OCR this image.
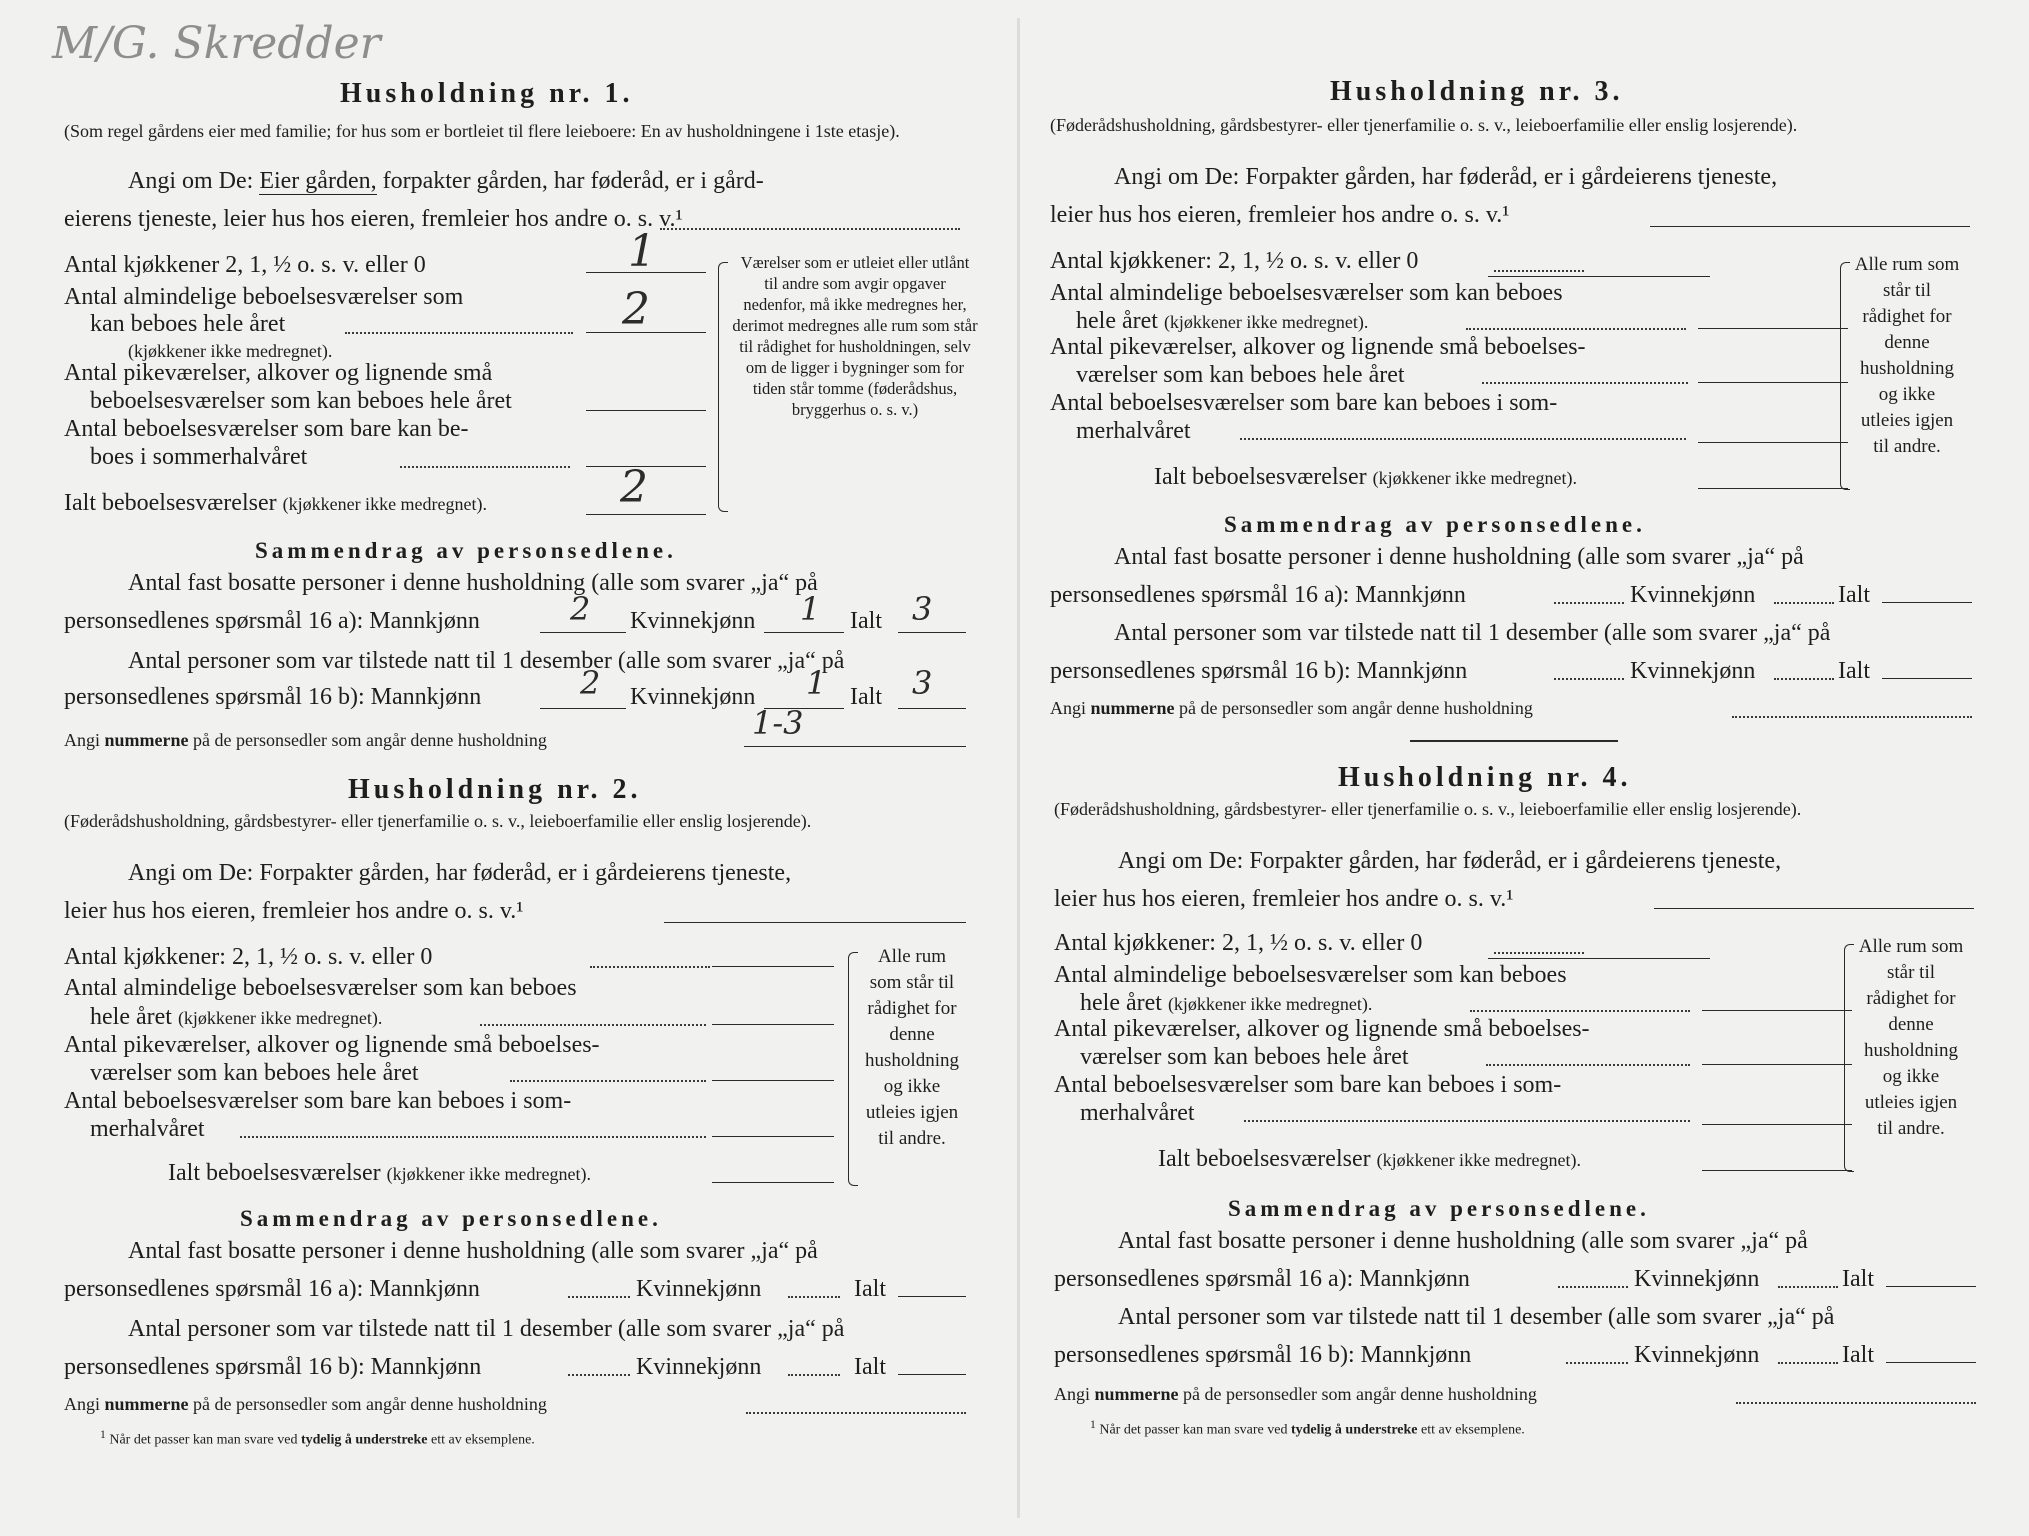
M/G. Skredder
Husholdning nr. 1.
(Som regel gårdens eier med familie; for hus som er bortleiet til flere leieboere: En av husholdningene i 1ste etasje).
Angi om De: Eier gården, forpakter gården, har føderåd, er i gård-
eierens tjeneste, leier hus hos eieren, fremleier hos andre o. s. v.¹
Antal kjøkkener 2, 1, ½ o. s. v. eller 0	1
Antal almindelige beboelsesværelser som
kan beboes hele året	2
(kjøkkener ikke medregnet).
Antal pikeværelser, alkover og lignende små
beboelsesværelser som kan beboes hele året
Antal beboelsesværelser som bare kan be-
boes i sommerhalvåret
Ialt beboelsesværelser (kjøkkener ikke medregnet).	2
Værelser som er utleiet eller utlånt til andre som avgir opgaver nedenfor, må ikke medregnes her, derimot medregnes alle rum som står til rådighet for husholdningen, selv om de ligger i bygninger som for tiden står tomme (føderådshus, bryggerhus o. s. v.)
Sammendrag av personsedlene.
Antal fast bosatte personer i denne husholdning (alle som svarer „ja“ på
personsedlenes spørsmål 16 a): Mannkjønn	2 Kvinnekjønn 1 Ialt 3
Antal personer som var tilstede natt til 1 desember (alle som svarer „ja“ på
personsedlenes spørsmål 16 b): Mannkjønn	2 Kvinnekjønn 1 Ialt 3
Angi nummerne på de personsedler som angår denne husholdning	1-3
Husholdning nr. 2.
(Føderådshusholdning, gårdsbestyrer- eller tjenerfamilie o. s. v., leieboerfamilie eller enslig losjerende).
Angi om De: Forpakter gården, har føderåd, er i gårdeierens tjeneste,
leier hus hos eieren, fremleier hos andre o. s. v.¹
Antal kjøkkener: 2, 1, ½ o. s. v. eller 0
Antal almindelige beboelsesværelser som kan beboes
hele året (kjøkkener ikke medregnet).
Antal pikeværelser, alkover og lignende små beboelses-
værelser som kan beboes hele året
Antal beboelsesværelser som bare kan beboes i som-
merhalvåret
Ialt beboelsesværelser (kjøkkener ikke medregnet).
Alle rum som står til rådighet for denne husholdning og ikke utleies igjen til andre.
Sammendrag av personsedlene.
Antal fast bosatte personer i denne husholdning (alle som svarer „ja“ på
personsedlenes spørsmål 16 a): Mannkjønn	Kvinnekjønn	Ialt
Antal personer som var tilstede natt til 1 desember (alle som svarer „ja“ på
personsedlenes spørsmål 16 b): Mannkjønn	Kvinnekjønn	Ialt
Angi nummerne på de personsedler som angår denne husholdning
$^1$ Når det passer kan man svare ved tydelig å understreke ett av eksemplene.
Husholdning nr. 3.
(Føderådshusholdning, gårdsbestyrer- eller tjenerfamilie o. s. v., leieboerfamilie eller enslig losjerende).
Angi om De: Forpakter gården, har føderåd, er i gårdeierens tjeneste,
leier hus hos eieren, fremleier hos andre o. s. v.¹
Antal kjøkkener: 2, 1, ½ o. s. v. eller 0
Antal almindelige beboelsesværelser som kan beboes
hele året (kjøkkener ikke medregnet).
Antal pikeværelser, alkover og lignende små beboelses-
værelser som kan beboes hele året
Antal beboelsesværelser som bare kan beboes i som-
merhalvåret
Ialt beboelsesværelser (kjøkkener ikke medregnet).
Alle rum som står til rådighet for denne husholdning og ikke utleies igjen til andre.
Sammendrag av personsedlene.
Antal fast bosatte personer i denne husholdning (alle som svarer „ja“ på
personsedlenes spørsmål 16 a): Mannkjønn	Kvinnekjønn	Ialt
Antal personer som var tilstede natt til 1 desember (alle som svarer „ja“ på
personsedlenes spørsmål 16 b): Mannkjønn	Kvinnekjønn	Ialt
Angi nummerne på de personsedler som angår denne husholdning
Husholdning nr. 4.
(Føderådshusholdning, gårdsbestyrer- eller tjenerfamilie o. s. v., leieboerfamilie eller enslig losjerende).
Angi om De: Forpakter gården, har føderåd, er i gårdeierens tjeneste,
leier hus hos eieren, fremleier hos andre o. s. v.¹
Antal kjøkkener: 2, 1, ½ o. s. v. eller 0
Antal almindelige beboelsesværelser som kan beboes
hele året (kjøkkener ikke medregnet).
Antal pikeværelser, alkover og lignende små beboelses-
værelser som kan beboes hele året
Antal beboelsesværelser som bare kan beboes i som-
merhalvåret
Ialt beboelsesværelser (kjøkkener ikke medregnet).
Alle rum som står til rådighet for denne husholdning og ikke utleies igjen til andre.
Sammendrag av personsedlene.
Antal fast bosatte personer i denne husholdning (alle som svarer „ja“ på
personsedlenes spørsmål 16 a): Mannkjønn	Kvinnekjønn	Ialt
Antal personer som var tilstede natt til 1 desember (alle som svarer „ja“ på
personsedlenes spørsmål 16 b): Mannkjønn	Kvinnekjønn	Ialt
Angi nummerne på de personsedler som angår denne husholdning
$^1$ Når det passer kan man svare ved tydelig å understreke ett av eksemplene.
